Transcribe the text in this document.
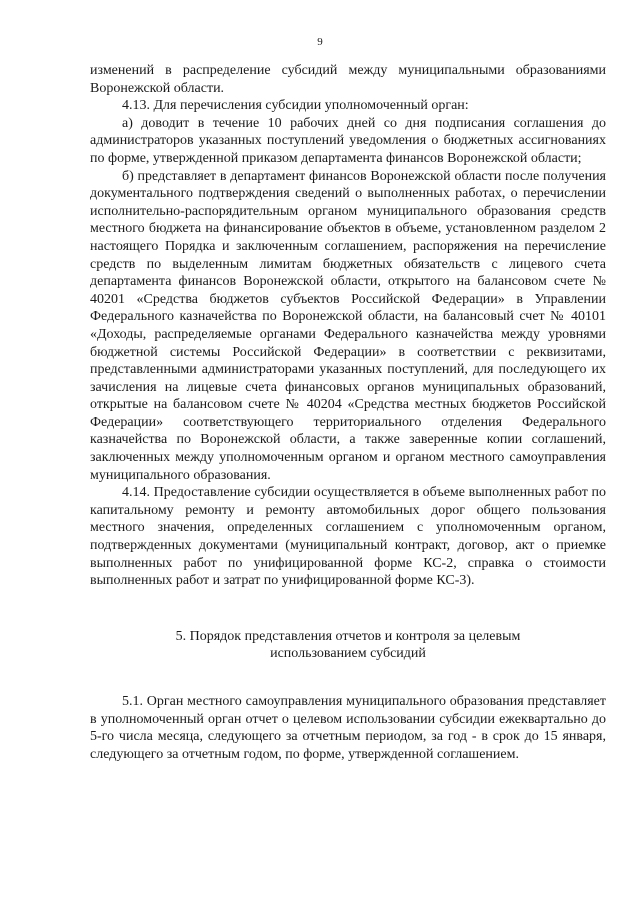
9

изменений в распределение субсидий между муниципальными образованиями Воронежской области.

4.13. Для перечисления субсидии уполномоченный орган:

а) доводит в течение 10 рабочих дней со дня подписания соглашения до администраторов указанных поступлений уведомления о бюджетных ассигнованиях по форме, утвержденной приказом департамента финансов Воронежской области;

б) представляет в департамент финансов Воронежской области после получения документального подтверждения сведений о выполненных работах, о перечислении исполнительно-распорядительным органом муниципального образования средств местного бюджета на финансирование объектов в объеме, установленном разделом 2 настоящего Порядка и заключенным соглашением, распоряжения на перечисление средств по выделенным лимитам бюджетных обязательств с лицевого счета департамента финансов Воронежской области, открытого на балансовом счете № 40201 «Средства бюджетов субъектов Российской Федерации» в Управлении Федерального казначейства по Воронежской области, на балансовый счет № 40101 «Доходы, распределяемые органами Федерального казначейства между уровнями бюджетной системы Российской Федерации» в соответствии с реквизитами, представленными администраторами указанных поступлений, для последующего их зачисления на лицевые счета финансовых органов муниципальных образований, открытые на балансовом счете № 40204 «Средства местных бюджетов Российской Федерации» соответствующего территориального отделения Федерального казначейства по Воронежской области, а также заверенные копии соглашений, заключенных между уполномоченным органом и органом местного самоуправления муниципального образования.

4.14. Предоставление субсидии осуществляется в объеме выполненных работ по капитальному ремонту и ремонту автомобильных дорог общего пользования местного значения, определенных соглашением с уполномоченным органом, подтвержденных документами (муниципальный контракт, договор, акт о приемке выполненных работ по унифицированной форме КС-2, справка о стоимости выполненных работ и затрат по унифицированной форме КС-3).

5. Порядок представления отчетов и контроля за целевым
использованием субсидий

5.1. Орган местного самоуправления муниципального образования представляет в уполномоченный орган отчет о целевом использовании субсидии ежеквартально до 5-го числа месяца, следующего за отчетным периодом, за год - в срок до 15 января, следующего за отчетным годом, по форме, утвержденной соглашением.
